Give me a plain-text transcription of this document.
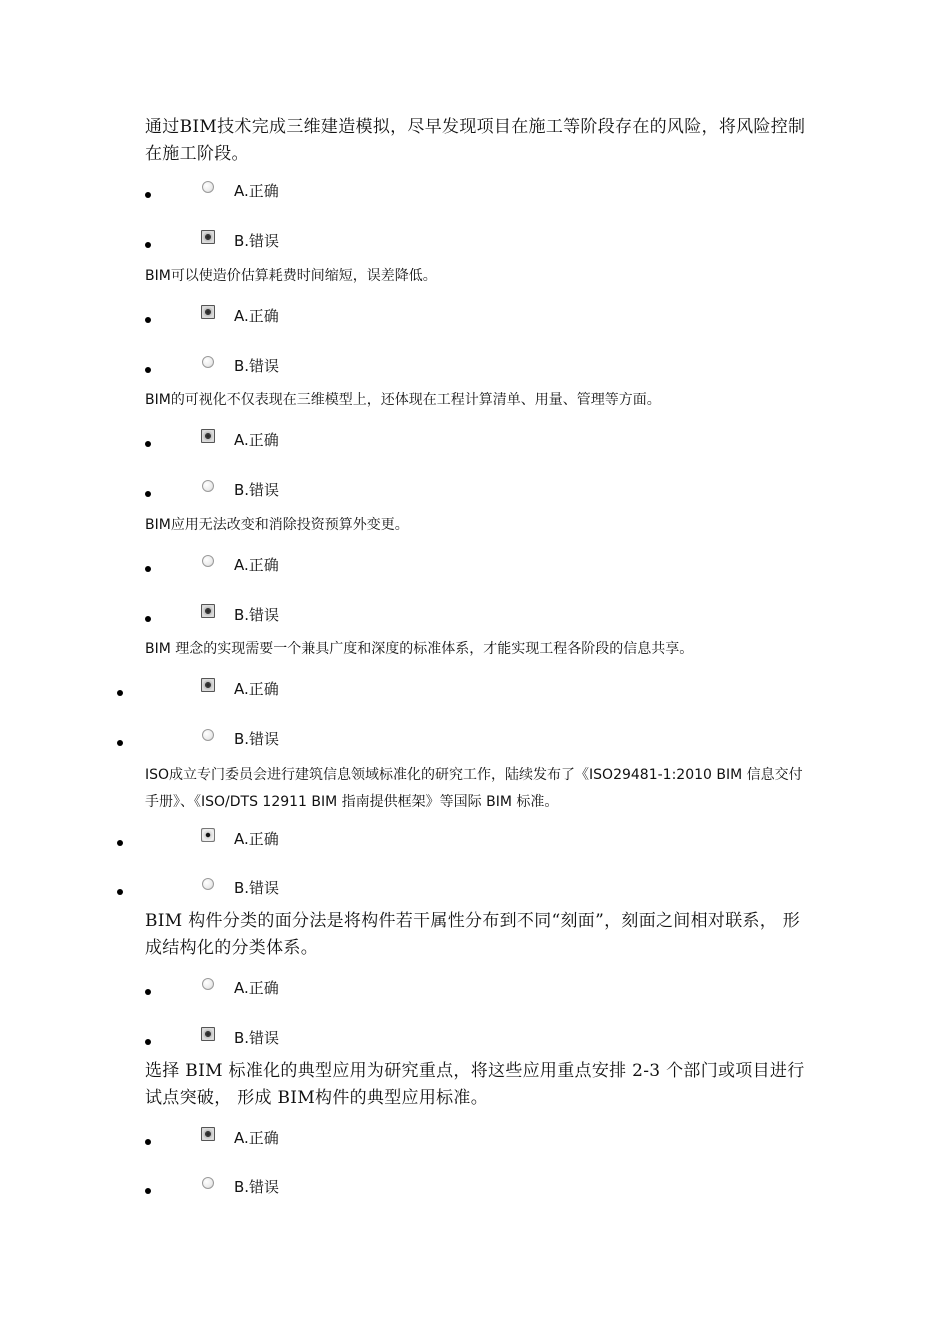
通过BIM技术完成三维建造模拟，尽早发现项目在施工等阶段存在的风险，将风险控制在施工阶段。
A.正确
B.错误
BIM可以使造价估算耗费时间缩短，误差降低。
A.正确
B.错误
BIM的可视化不仅表现在三维模型上，还体现在工程计算清单、用量、管理等方面。
A.正确
B.错误
BIM应用无法改变和消除投资预算外变更。
A.正确
B.错误
BIM 理念的实现需要一个兼具广度和深度的标准体系，才能实现工程各阶段的信息共享。
A.正确
B.错误
ISO成立专门委员会进行建筑信息领域标准化的研究工作，陆续发布了《ISO29481-1:2010 BIM 信息交付手册》、《ISO/DTS 12911 BIM 指南提供框架》等国际 BIM 标准。
A.正确
B.错误
BIM 构件分类的面分法是将构件若干属性分布到不同“刻面”，刻面之间相对联系， 形成结构化的分类体系。
A.正确
B.错误
选择 BIM 标准化的典型应用为研究重点，将这些应用重点安排 2-3 个部门或项目进行试点突破， 形成 BIM构件的典型应用标准。
A.正确
B.错误
